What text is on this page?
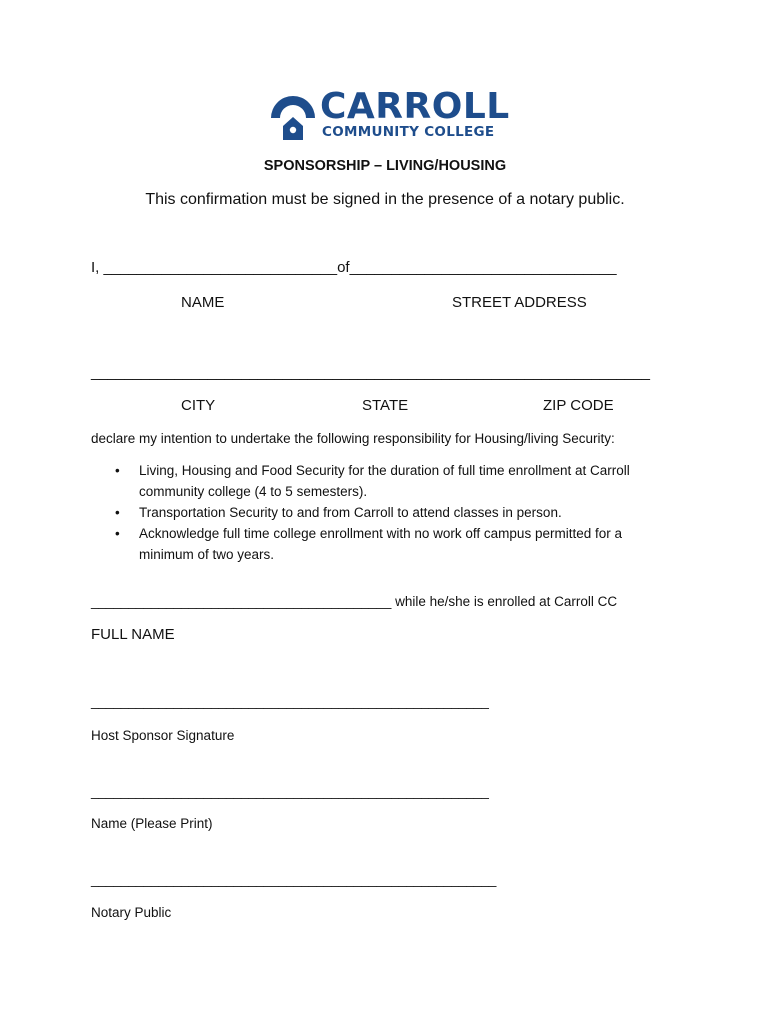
CARROLL
COMMUNITY COLLEGE
SPONSORSHIP – LIVING/HOUSING
This confirmation must be signed in the presence of a notary public.
I, ____________________________of________________________________
NAME	STREET ADDRESS
___________________________________________________________________
CITY	STATE	ZIP CODE
declare my intention to undertake the following responsibility for Housing/living Security:
• Living, Housing and Food Security for the duration of full time enrollment at Carroll community college (4 to 5 semesters).
• Transportation Security to and from Carroll to attend classes in person.
• Acknowledge full time college enrollment with no work off campus permitted for a minimum of two years.
________________________________________ while he/she is enrolled at Carroll CC
FULL NAME
_____________________________________________________
Host Sponsor Signature
_____________________________________________________
Name (Please Print)
______________________________________________________
Notary Public
